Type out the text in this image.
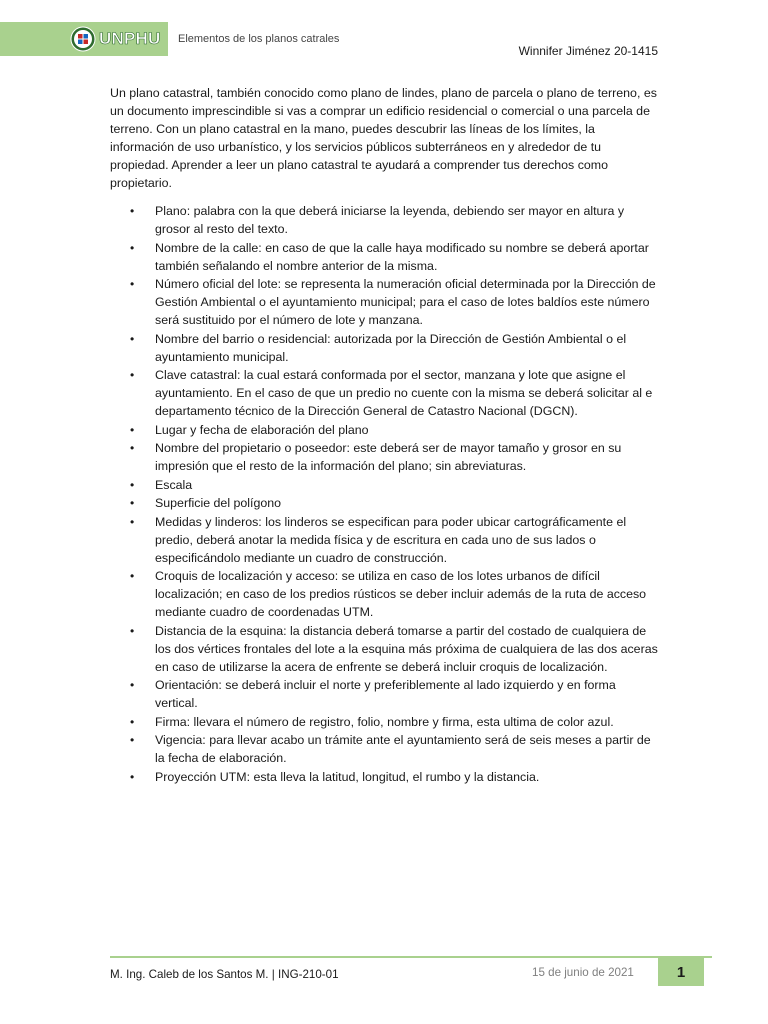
UNPHU Elementos de los planos catrales
Winnifer Jiménez 20-1415

Un plano catastral, también conocido como plano de lindes, plano de parcela o plano de terreno, es un documento imprescindible si vas a comprar un edificio residencial o comercial o una parcela de terreno. Con un plano catastral en la mano, puedes descubrir las líneas de los límites, la información de uso urbanístico, y los servicios públicos subterráneos en y alrededor de tu propiedad. Aprender a leer un plano catastral te ayudará a comprender tus derechos como propietario.

• Plano: palabra con la que deberá iniciarse la leyenda, debiendo ser mayor en altura y grosor al resto del texto.
• Nombre de la calle: en caso de que la calle haya modificado su nombre se deberá aportar también señalando el nombre anterior de la misma.
• Número oficial del lote: se representa la numeración oficial determinada por la Dirección de Gestión Ambiental o el ayuntamiento municipal; para el caso de lotes baldíos este número será sustituido por el número de lote y manzana.
• Nombre del barrio o residencial: autorizada por la Dirección de Gestión Ambiental o el ayuntamiento municipal.
• Clave catastral: la cual estará conformada por el sector, manzana y lote que asigne el ayuntamiento. En el caso de que un predio no cuente con la misma se deberá solicitar al e departamento técnico de la Dirección General de Catastro Nacional (DGCN).
• Lugar y fecha de elaboración del plano
• Nombre del propietario o poseedor: este deberá ser de mayor tamaño y grosor en su impresión que el resto de la información del plano; sin abreviaturas.
• Escala
• Superficie del polígono
• Medidas y linderos: los linderos se especifican para poder ubicar cartográficamente el predio, deberá anotar la medida física y de escritura en cada uno de sus lados o especificándolo mediante un cuadro de construcción.
• Croquis de localización y acceso: se utiliza en caso de los lotes urbanos de difícil localización; en caso de los predios rústicos se deber incluir además de la ruta de acceso mediante cuadro de coordenadas UTM.
• Distancia de la esquina: la distancia deberá tomarse a partir del costado de cualquiera de los dos vértices frontales del lote a la esquina más próxima de cualquiera de las dos aceras en caso de utilizarse la acera de enfrente se deberá incluir croquis de localización.
• Orientación: se deberá incluir el norte y preferiblemente al lado izquierdo y en forma vertical.
• Firma: llevara el número de registro, folio, nombre y firma, esta ultima de color azul.
• Vigencia: para llevar acabo un trámite ante el ayuntamiento será de seis meses a partir de la fecha de elaboración.
• Proyección UTM: esta lleva la latitud, longitud, el rumbo y la distancia.
M. Ing. Caleb de los Santos M. | ING-210-01	15 de junio de 2021	1
